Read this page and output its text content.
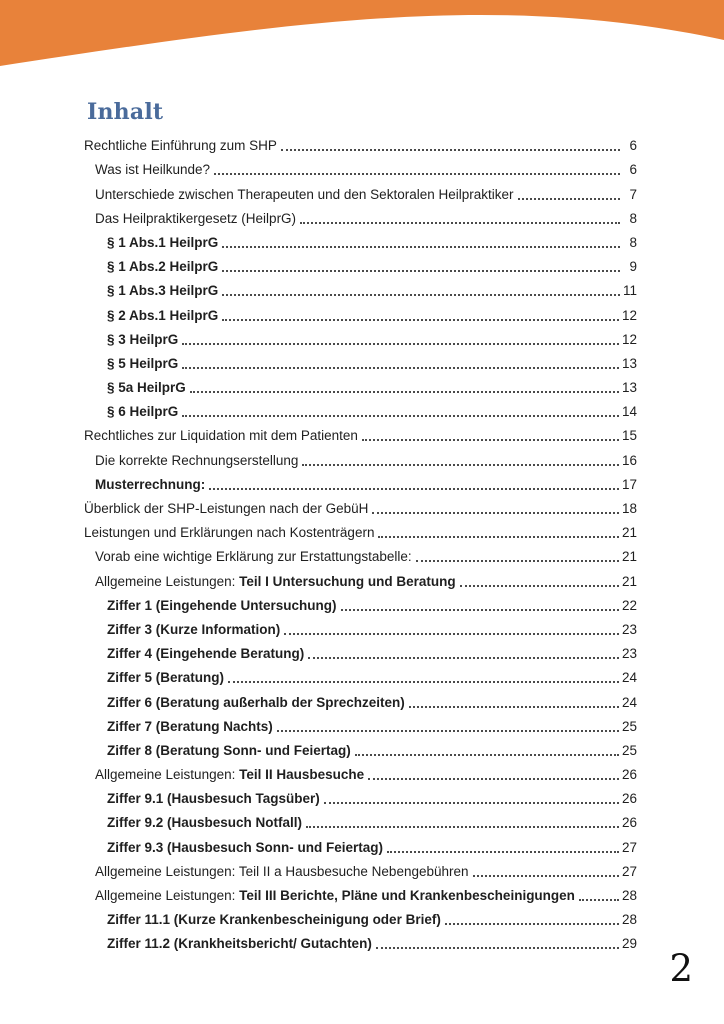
Inhalt
Rechtliche Einführung zum SHP	6
Was ist Heilkunde?	6
Unterschiede zwischen Therapeuten und den Sektoralen Heilpraktiker	7
Das Heilpraktikergesetz (HeilprG)	8
§ 1 Abs.1 HeilprG	8
§ 1 Abs.2 HeilprG	9
§ 1 Abs.3 HeilprG	11
§ 2 Abs.1 HeilprG	12
§ 3 HeilprG	12
§ 5 HeilprG	13
§ 5a HeilprG	13
§ 6 HeilprG	14
Rechtliches zur Liquidation mit dem Patienten	15
Die korrekte Rechnungserstellung	16
Musterrechnung:	17
Überblick der SHP-Leistungen nach der GebüH	18
Leistungen und Erklärungen nach Kostenträgern	21
Vorab eine wichtige Erklärung zur Erstattungstabelle:	21
Allgemeine Leistungen: Teil I Untersuchung und Beratung	21
Ziffer 1 (Eingehende Untersuchung)	22
Ziffer 3 (Kurze Information)	23
Ziffer 4 (Eingehende Beratung)	23
Ziffer 5 (Beratung)	24
Ziffer 6 (Beratung außerhalb der Sprechzeiten)	24
Ziffer 7 (Beratung Nachts)	25
Ziffer 8 (Beratung Sonn- und Feiertag)	25
Allgemeine Leistungen: Teil II Hausbesuche	26
Ziffer 9.1 (Hausbesuch Tagsüber)	26
Ziffer 9.2 (Hausbesuch Notfall)	26
Ziffer 9.3 (Hausbesuch Sonn- und Feiertag)	27
Allgemeine Leistungen: Teil II a Hausbesuche Nebengebühren	27
Allgemeine Leistungen: Teil III Berichte, Pläne und Krankenbescheinigungen	28
Ziffer 11.1 (Kurze Krankenbescheinigung oder Brief)	28
Ziffer 11.2 (Krankheitsbericht/ Gutachten)	29
2
